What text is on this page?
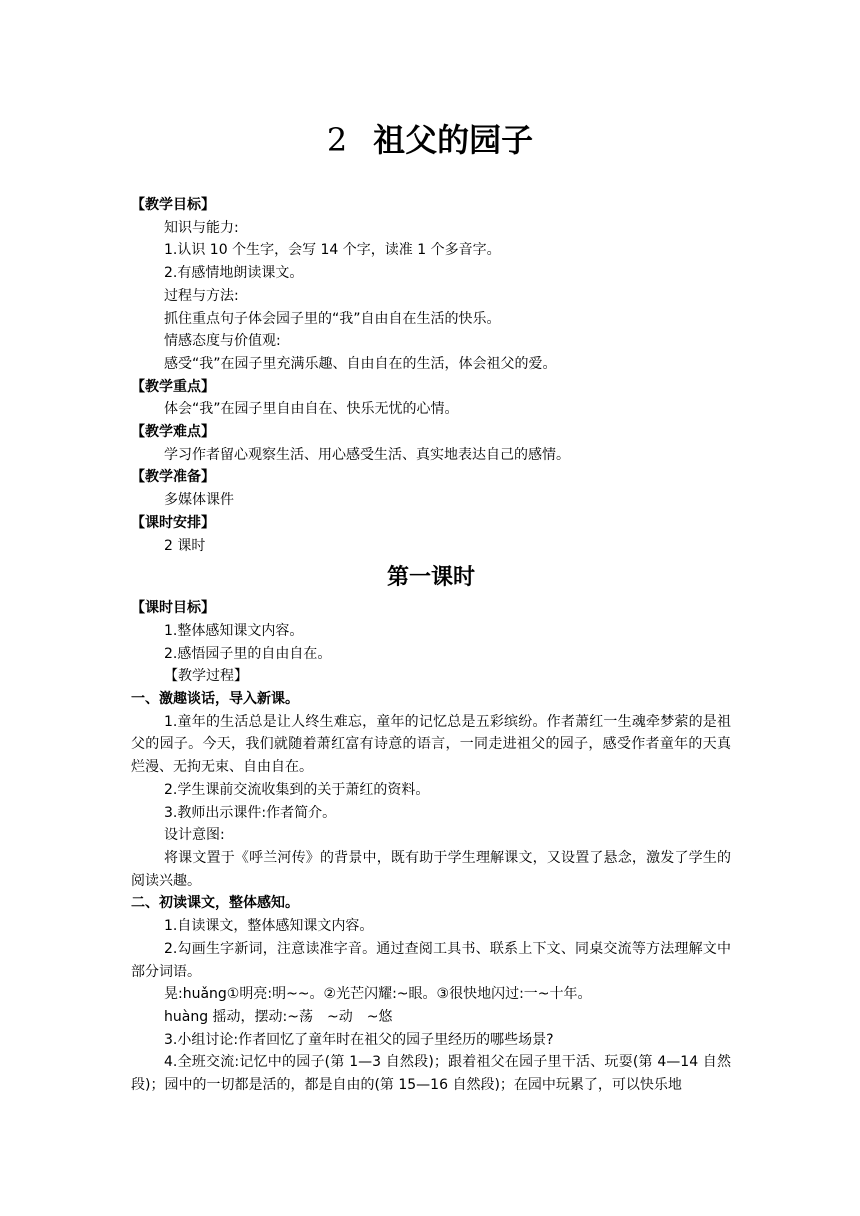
2 祖父的园子

【教学目标】

知识与能力:

1.认识 10 个生字，会写 14 个字，读准 1 个多音字。

2.有感情地朗读课文。

过程与方法:

抓住重点句子体会园子里的“我”自由自在生活的快乐。

情感态度与价值观:

感受“我”在园子里充满乐趣、自由自在的生活，体会祖父的爱。

【教学重点】

体会“我”在园子里自由自在、快乐无忧的心情。

【教学难点】

学习作者留心观察生活、用心感受生活、真实地表达自己的感情。

【教学准备】

多媒体课件

【课时安排】

2 课时

第一课时

【课时目标】

1.整体感知课文内容。

2.感悟园子里的自由自在。

【教学过程】

一、激趣谈话，导入新课。

1.童年的生活总是让人终生难忘，童年的记忆总是五彩缤纷。作者萧红一生魂牵梦萦的是祖父的园子。今天，我们就随着萧红富有诗意的语言，一同走进祖父的园子，感受作者童年的天真烂漫、无拘无束、自由自在。

2.学生课前交流收集到的关于萧红的资料。

3.教师出示课件:作者简介。

设计意图:

将课文置于《呼兰河传》的背景中，既有助于学生理解课文，又设置了悬念，激发了学生的阅读兴趣。

二、初读课文，整体感知。

1.自读课文，整体感知课文内容。

2.勾画生字新词，注意读准字音。通过查阅工具书、联系上下文、同桌交流等方法理解文中部分词语。

晃:huǎng①明亮:明~~。②光芒闪耀:~眼。③很快地闪过:一~十年。

huàng 摇动，摆动:~荡　~动　~悠

3.小组讨论:作者回忆了童年时在祖父的园子里经历的哪些场景?

4.全班交流:记忆中的园子(第 1—3 自然段)；跟着祖父在园子里干活、玩耍(第 4—14 自然段)；园中的一切都是活的，都是自由的(第 15—16 自然段)；在园中玩累了，可以快乐地
